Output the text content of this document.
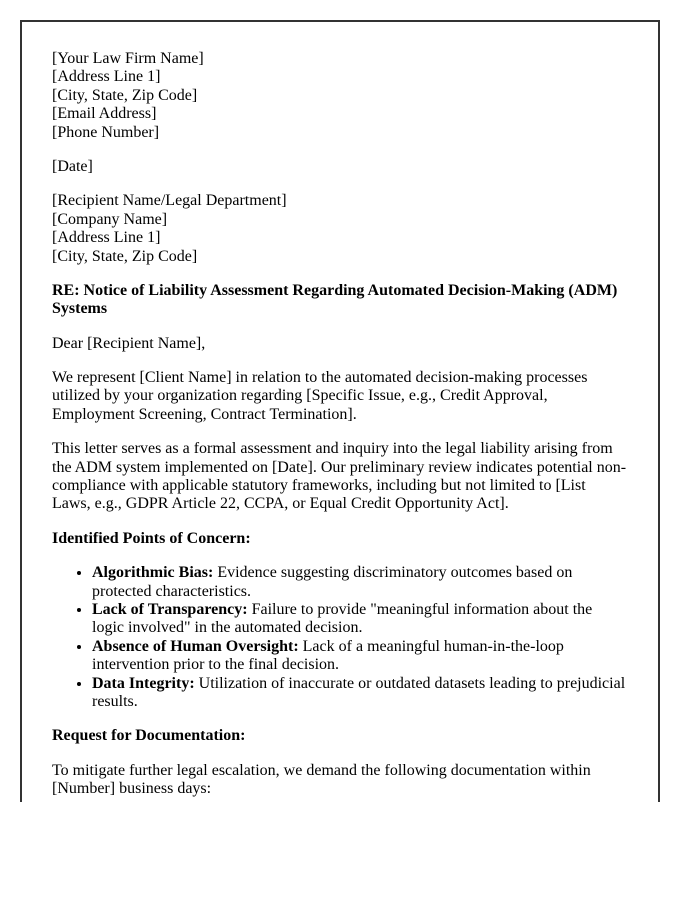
[Your Law Firm Name]
[Address Line 1]
[City, State, Zip Code]
[Email Address]
[Phone Number]

[Date]

[Recipient Name/Legal Department]
[Company Name]
[Address Line 1]
[City, State, Zip Code]

RE: Notice of Liability Assessment Regarding Automated Decision-Making (ADM) Systems

Dear [Recipient Name],

We represent [Client Name] in relation to the automated decision-making processes utilized by your organization regarding [Specific Issue, e.g., Credit Approval, Employment Screening, Contract Termination].

This letter serves as a formal assessment and inquiry into the legal liability arising from the ADM system implemented on [Date]. Our preliminary review indicates potential non-compliance with applicable statutory frameworks, including but not limited to [List Laws, e.g., GDPR Article 22, CCPA, or Equal Credit Opportunity Act].

Identified Points of Concern:

• Algorithmic Bias: Evidence suggesting discriminatory outcomes based on protected characteristics.
• Lack of Transparency: Failure to provide "meaningful information about the logic involved" in the automated decision.
• Absence of Human Oversight: Lack of a meaningful human-in-the-loop intervention prior to the final decision.
• Data Integrity: Utilization of inaccurate or outdated datasets leading to prejudicial results.

Request for Documentation:

To mitigate further legal escalation, we demand the following documentation within [Number] business days:
